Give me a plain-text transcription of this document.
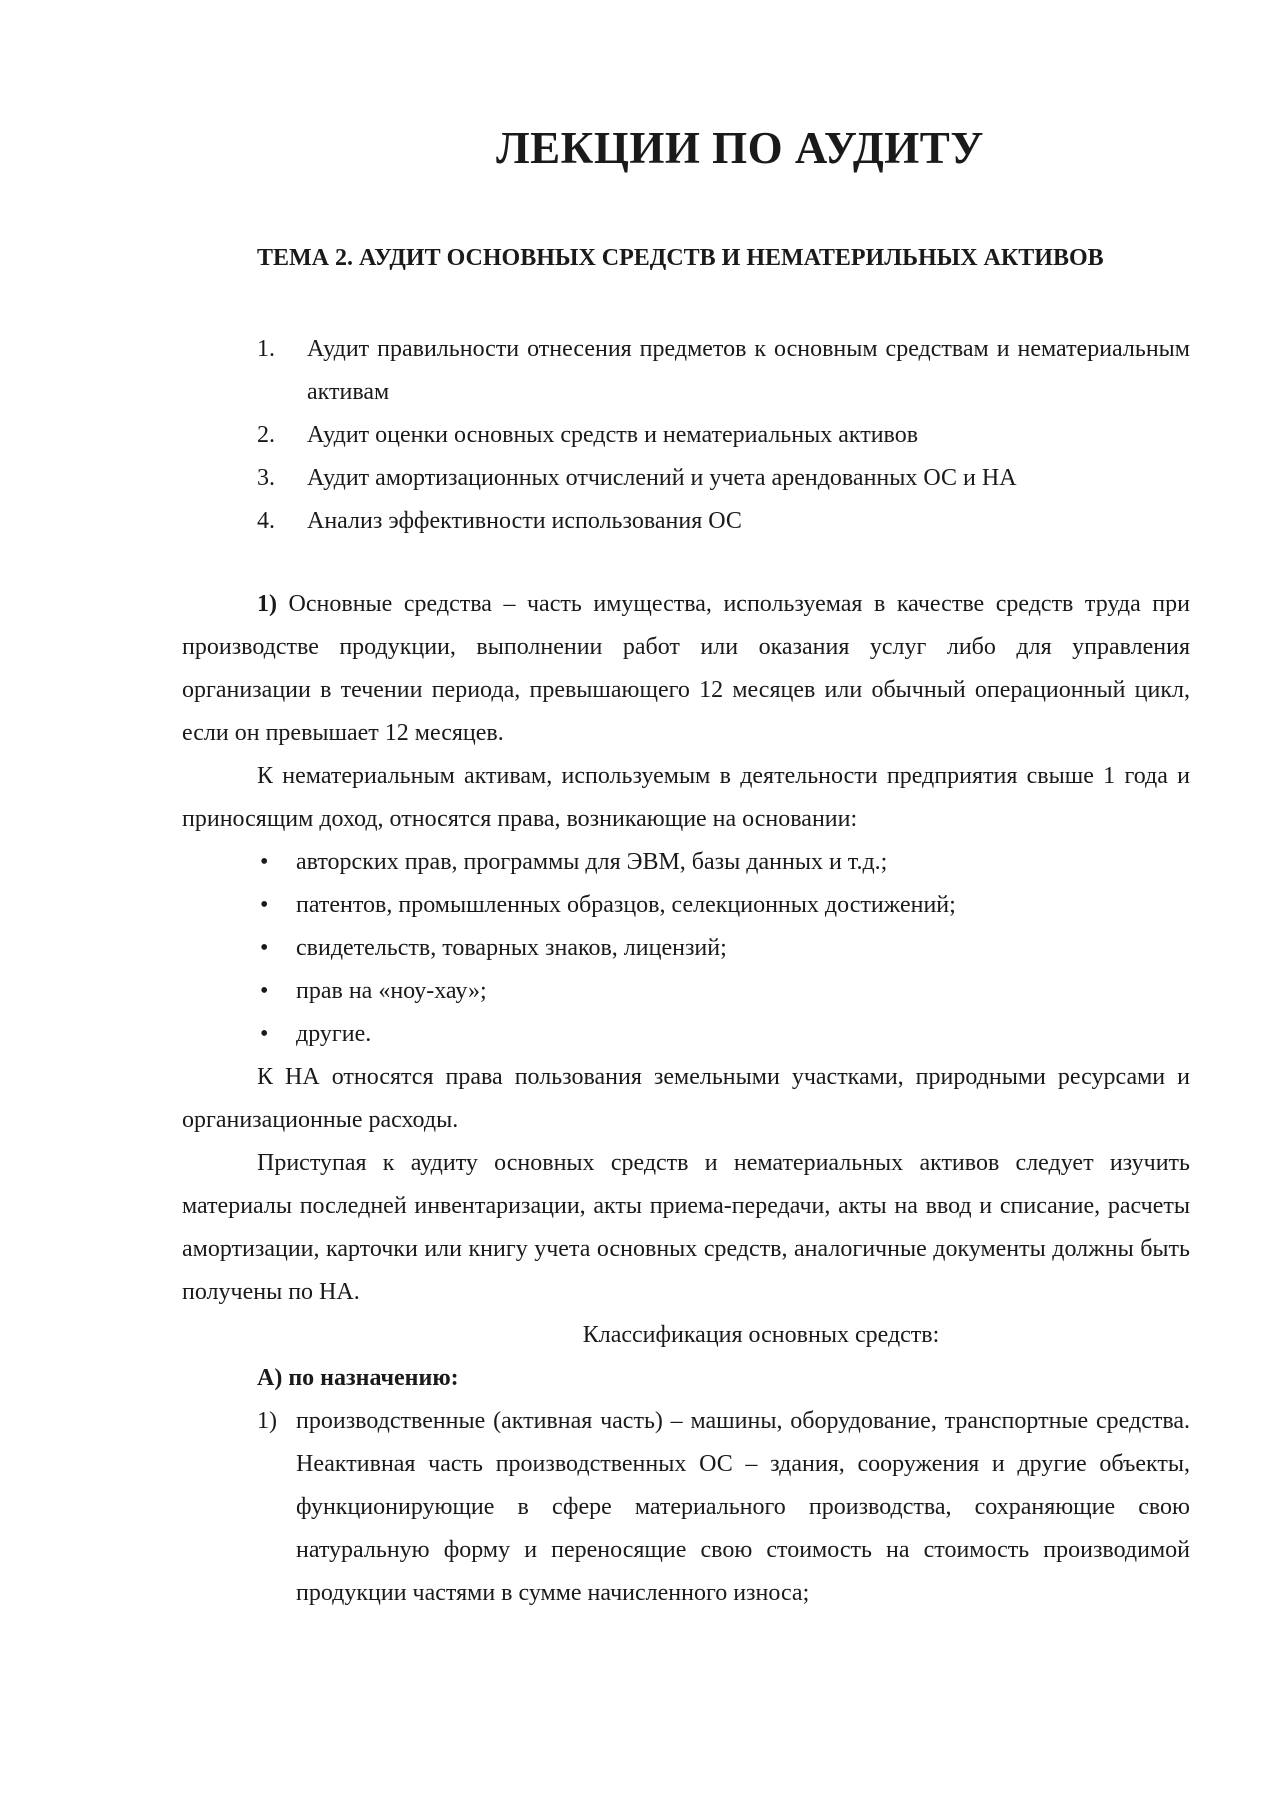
ЛЕКЦИИ ПО АУДИТУ
ТЕМА 2. АУДИТ ОСНОВНЫХ СРЕДСТВ И НЕМАТЕРИЛЬНЫХ АКТИВОВ
1. Аудит правильности отнесения предметов к основным средствам и нематериальным активам
2. Аудит оценки основных средств и нематериальных активов
3. Аудит амортизационных отчислений и учета арендованных ОС и НА
4. Анализ эффективности использования ОС

1) Основные средства – часть имущества, используемая в качестве средств труда при производстве продукции, выполнении работ или оказания услуг либо для управления организации в течении периода, превышающего 12 месяцев или обычный операционный цикл, если он превышает 12 месяцев.

К нематериальным активам, используемым в деятельности предприятия свыше 1 года и приносящим доход, относятся права, возникающие на основании:

• авторских прав, программы для ЭВМ, базы данных и т.д.;
• патентов, промышленных образцов, селекционных достижений;
• свидетельств, товарных знаков, лицензий;
• прав на «ноу-хау»;
• другие.

К НА относятся права пользования земельными участками, природными ресурсами и организационные расходы.

Приступая к аудиту основных средств и нематериальных активов следует изучить материалы последней инвентаризации, акты приема-передачи, акты на ввод и списание, расчеты амортизации, карточки или книгу учета основных средств, аналогичные документы должны быть получены по НА.

Классификация основных средств:
А) по назначению:
1) производственные (активная часть) – машины, оборудование, транспортные средства. Неактивная часть производственных ОС – здания, сооружения и другие объекты, функционирующие в сфере материального производства, сохраняющие свою натуральную форму и переносящие свою стоимость на стоимость производимой продукции частями в сумме начисленного износа;
